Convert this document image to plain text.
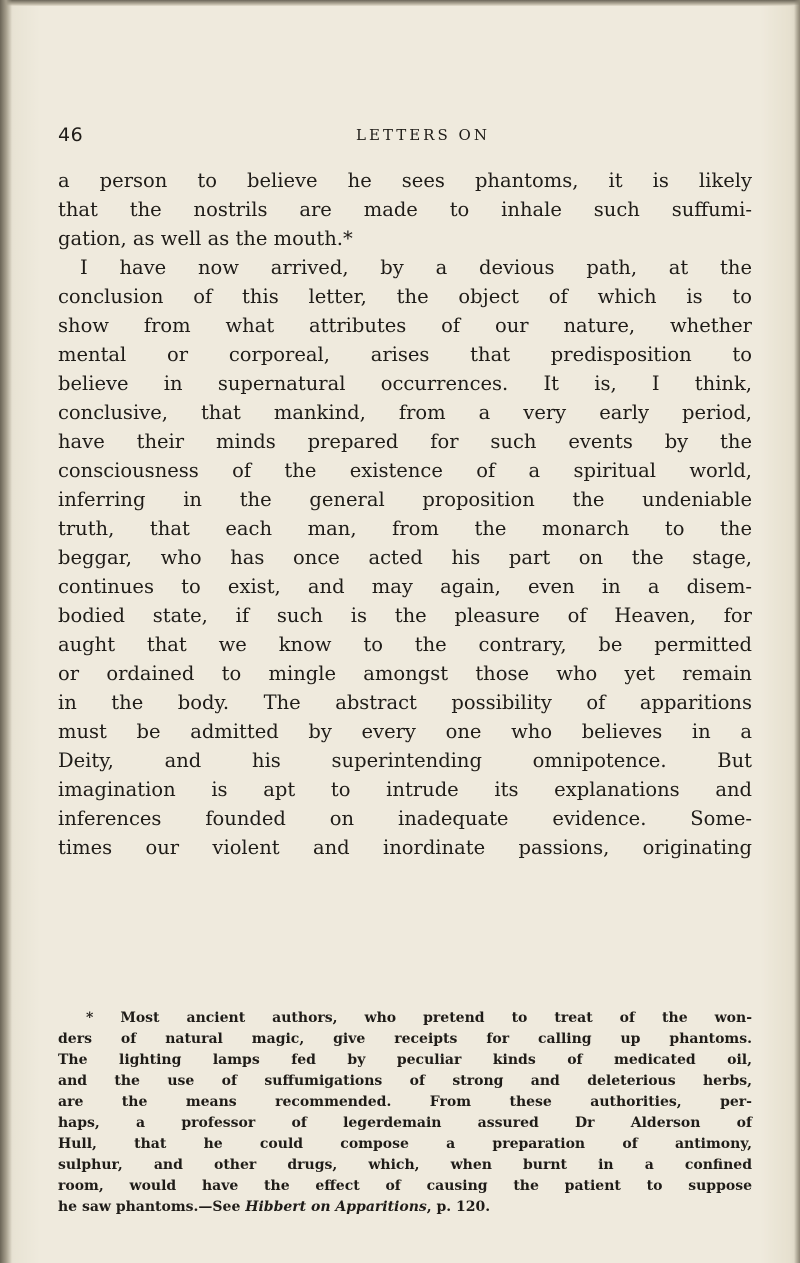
46	LETTERS ON
a person to believe he sees phantoms, it is likely
that the nostrils are made to inhale such suffumi-
gation, as well as the mouth.*
I have now arrived, by a devious path, at the
conclusion of this letter, the object of which is to
show from what attributes of our nature, whether
mental or corporeal, arises that predisposition to
believe in supernatural occurrences. It is, I think,
conclusive, that mankind, from a very early period,
have their minds prepared for such events by the
consciousness of the existence of a spiritual world,
inferring in the general proposition the undeniable
truth, that each man, from the monarch to the
beggar, who has once acted his part on the stage,
continues to exist, and may again, even in a disem-
bodied state, if such is the pleasure of Heaven, for
aught that we know to the contrary, be permitted
or ordained to mingle amongst those who yet remain
in the body. The abstract possibility of apparitions
must be admitted by every one who believes in a
Deity, and his superintending omnipotence. But
imagination is apt to intrude its explanations and
inferences founded on inadequate evidence. Some-
times our violent and inordinate passions, originating
* Most ancient authors, who pretend to treat of the won-
ders of natural magic, give receipts for calling up phantoms.
The lighting lamps fed by peculiar kinds of medicated oil,
and the use of suffumigations of strong and deleterious herbs,
are the means recommended. From these authorities, per-
haps, a professor of legerdemain assured Dr Alderson of
Hull, that he could compose a preparation of antimony,
sulphur, and other drugs, which, when burnt in a confined
room, would have the effect of causing the patient to suppose
he saw phantoms.—See Hibbert on Apparitions, p. 120.
